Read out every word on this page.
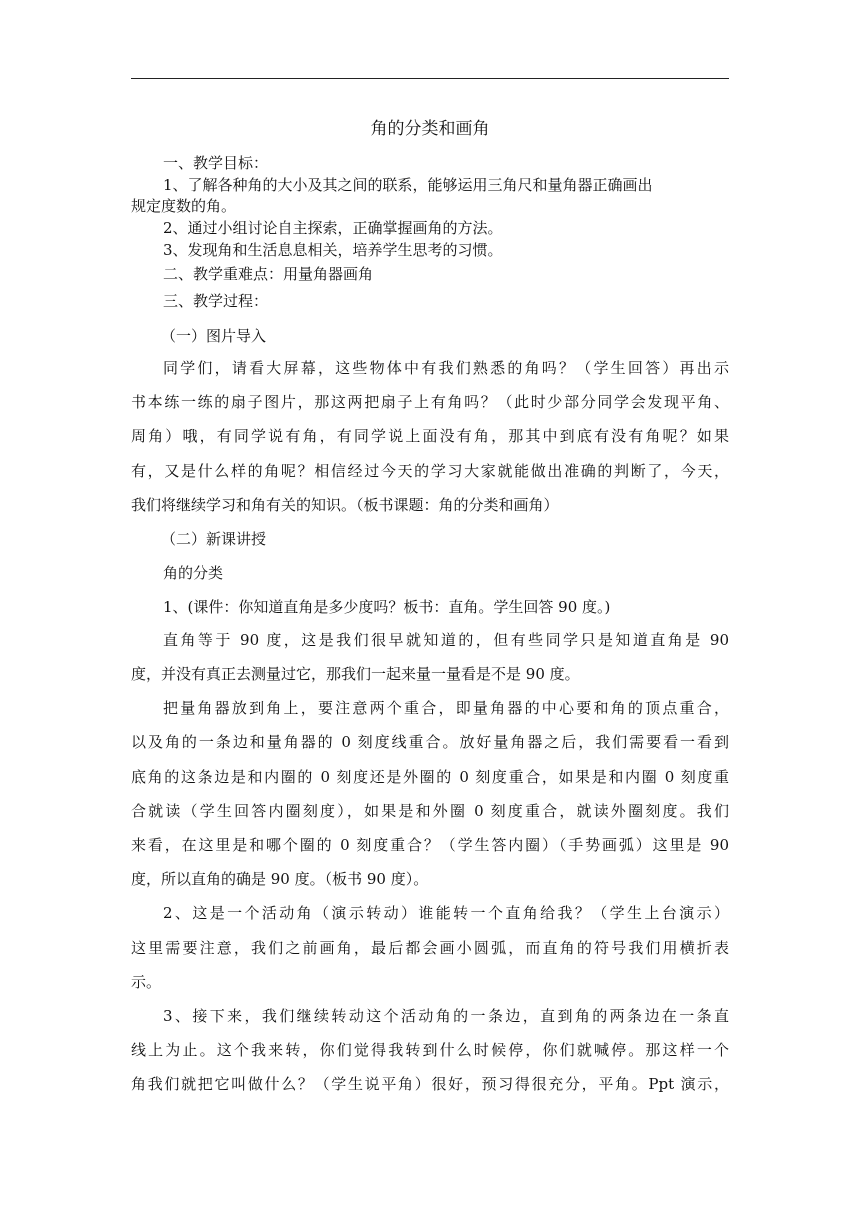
角的分类和画角
一、教学目标：
1、了解各种角的大小及其之间的联系，能够运用三角尺和量角器正确画出
规定度数的角。
2、通过小组讨论自主探索，正确掌握画角的方法。
3、发现角和生活息息相关，培养学生思考的习惯。
二、教学重难点：用量角器画角
三、教学过程：
（一）图片导入
同学们，请看大屏幕，这些物体中有我们熟悉的角吗？（学生回答）再出示
书本练一练的扇子图片，那这两把扇子上有角吗？（此时少部分同学会发现平角、
周角）哦，有同学说有角，有同学说上面没有角，那其中到底有没有角呢？如果
有，又是什么样的角呢？相信经过今天的学习大家就能做出准确的判断了，今天，
我们将继续学习和角有关的知识。（板书课题：角的分类和画角）
（二）新课讲授
角的分类
1、(课件：你知道直角是多少度吗？板书：直角。学生回答 90 度。)
直角等于 90 度，这是我们很早就知道的，但有些同学只是知道直角是 90
度，并没有真正去测量过它，那我们一起来量一量看是不是 90 度。
把量角器放到角上，要注意两个重合，即量角器的中心要和角的顶点重合，
以及角的一条边和量角器的 0 刻度线重合。放好量角器之后，我们需要看一看到
底角的这条边是和内圈的 0 刻度还是外圈的 0 刻度重合，如果是和内圈 0 刻度重
合就读（学生回答内圈刻度），如果是和外圈 0 刻度重合，就读外圈刻度。我们
来看，在这里是和哪个圈的 0 刻度重合？（学生答内圈）（手势画弧）这里是 90
度，所以直角的确是 90 度。（板书 90 度）。
2、这是一个活动角（演示转动）谁能转一个直角给我？（学生上台演示）
这里需要注意，我们之前画角，最后都会画小圆弧，而直角的符号我们用横折表
示。
3、接下来，我们继续转动这个活动角的一条边，直到角的两条边在一条直
线上为止。这个我来转，你们觉得我转到什么时候停，你们就喊停。那这样一个
角我们就把它叫做什么？（学生说平角）很好，预习得很充分，平角。Ppt 演示，
